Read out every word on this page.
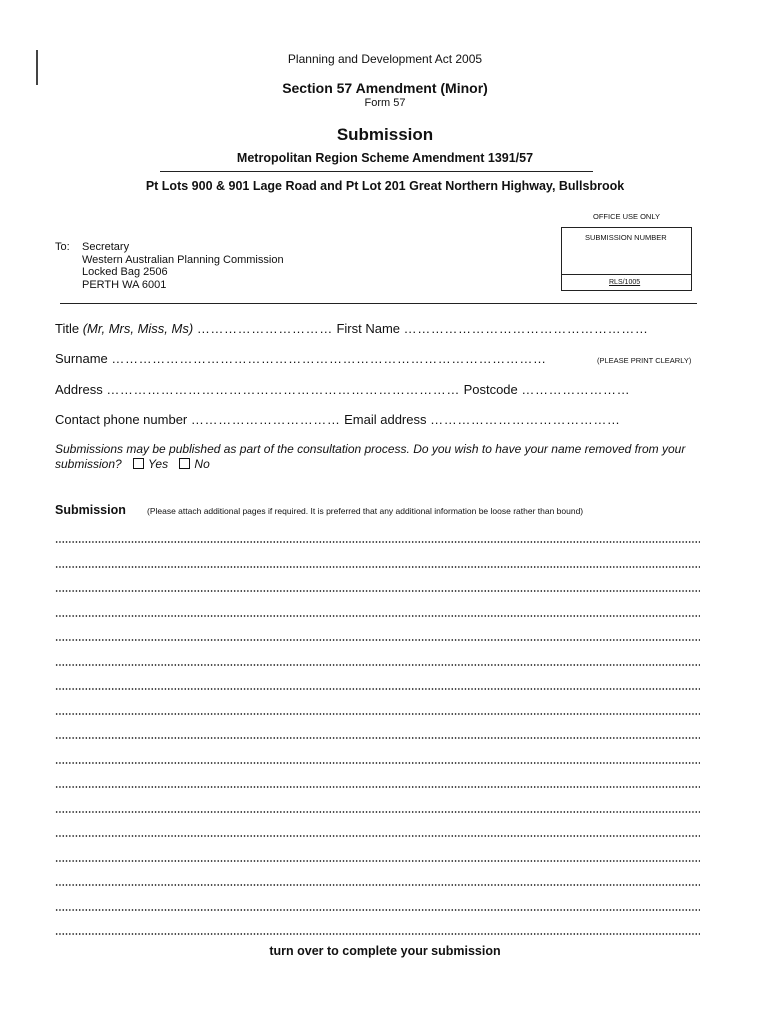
Planning and Development Act 2005
Section 57 Amendment (Minor)
Form 57
Submission
Metropolitan Region Scheme Amendment 1391/57
Pt Lots 900 & 901 Lage Road and Pt Lot 201 Great Northern Highway, Bullsbrook
OFFICE USE ONLY
SUBMISSION NUMBER
RLS/1005
To: Secretary
Western Australian Planning Commission
Locked Bag 2506
PERTH WA 6001
Title (Mr, Mrs, Miss, Ms) ………………………… First Name ………………………………………………
Surname ……………………………………………………………………………………	(PLEASE PRINT CLEARLY)
Address …………………………………………………………………… Postcode ……………………
Contact phone number …………………………… Email address ……………………………………
Submissions may be published as part of the consultation process. Do you wish to have your name removed from your submission? Yes No
Submission (Please attach additional pages if required. It is preferred that any additional information be loose rather than bound)
turn over to complete your submission
